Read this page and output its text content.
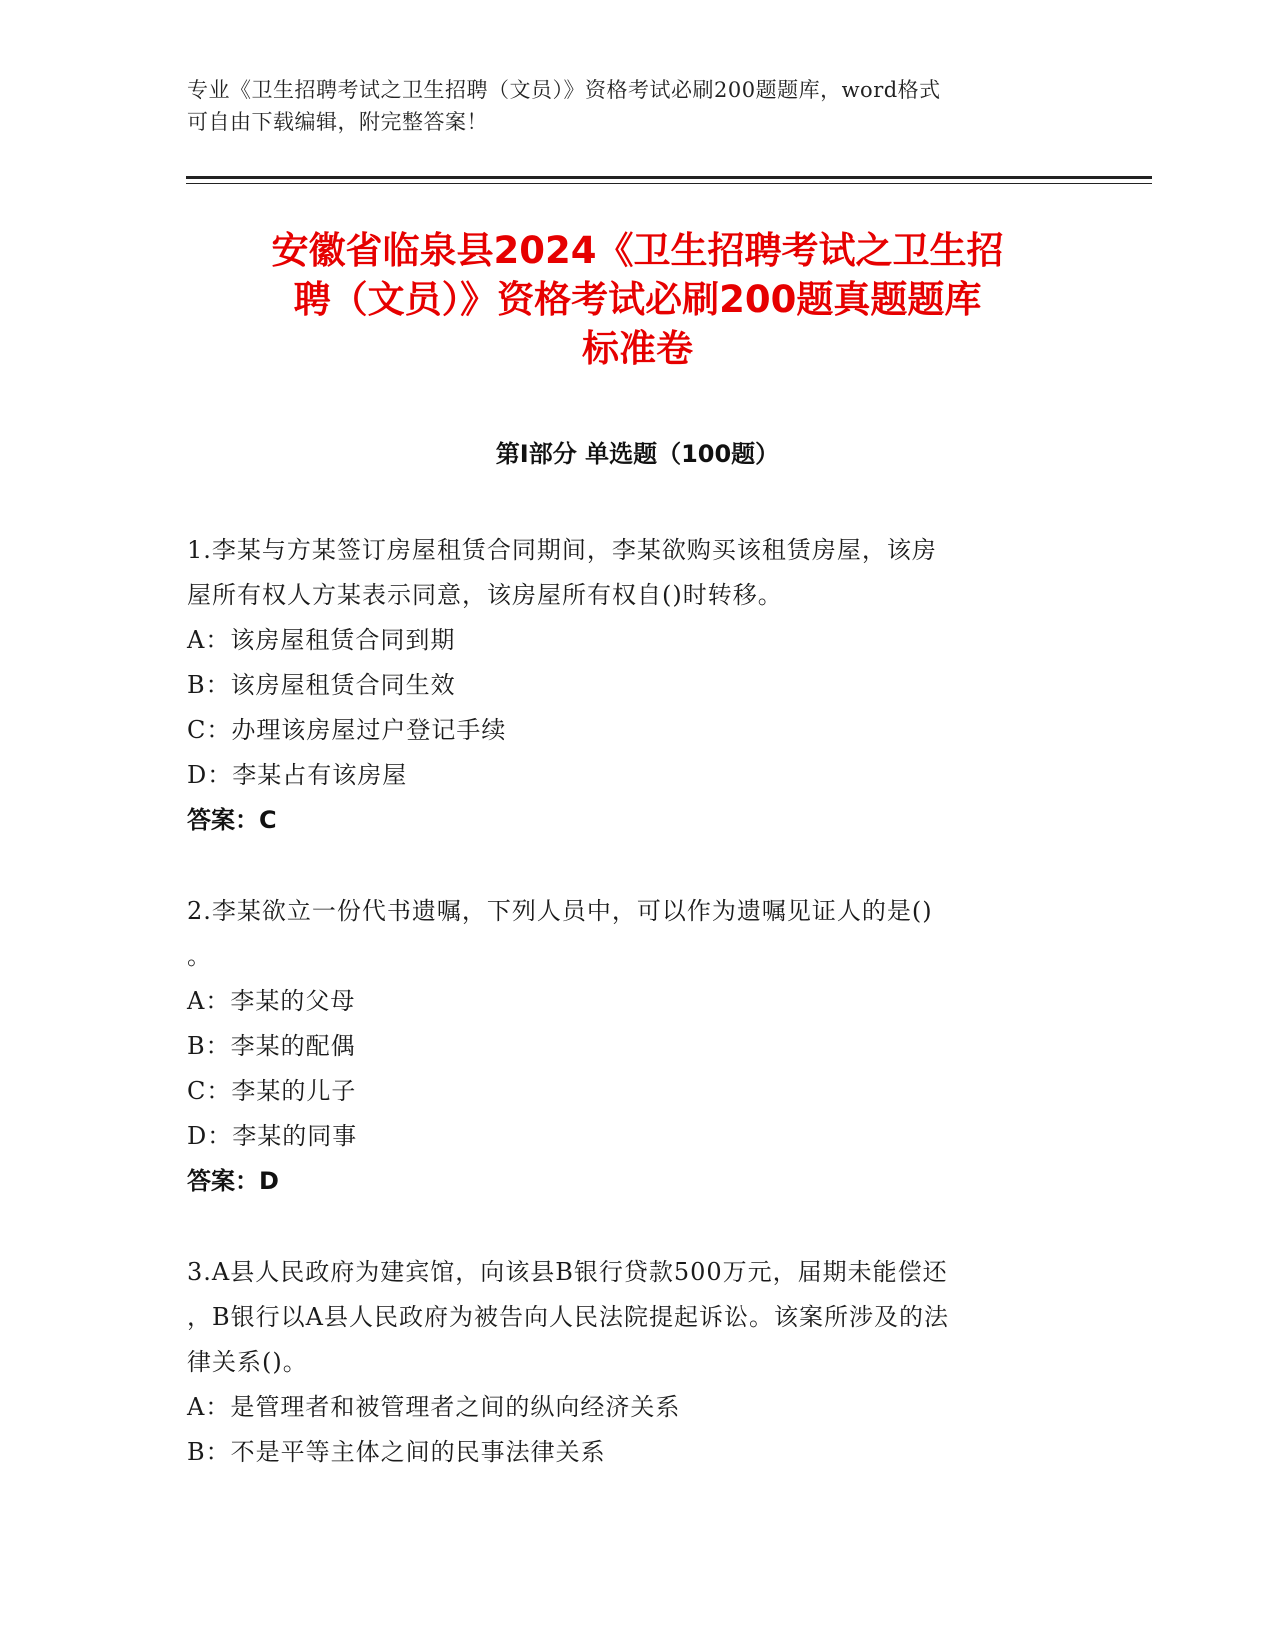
专业《卫生招聘考试之卫生招聘（文员）》资格考试必刷200题题库，word格式
可自由下载编辑，附完整答案！
安徽省临泉县2024《卫生招聘考试之卫生招
聘（文员）》资格考试必刷200题真题题库
标准卷
第Ⅰ部分 单选题（100题）
1.李某与方某签订房屋租赁合同期间，李某欲购买该租赁房屋，该房
屋所有权人方某表示同意，该房屋所有权自()时转移。
A：该房屋租赁合同到期
B：该房屋租赁合同生效
C：办理该房屋过户登记手续
D：李某占有该房屋
答案：C
2.李某欲立一份代书遗嘱，下列人员中，可以作为遗嘱见证人的是()
。
A：李某的父母
B：李某的配偶
C：李某的儿子
D：李某的同事
答案：D
3.A县人民政府为建宾馆，向该县B银行贷款500万元，届期未能偿还
，B银行以A县人民政府为被告向人民法院提起诉讼。该案所涉及的法
律关系()。
A：是管理者和被管理者之间的纵向经济关系
B：不是平等主体之间的民事法律关系
